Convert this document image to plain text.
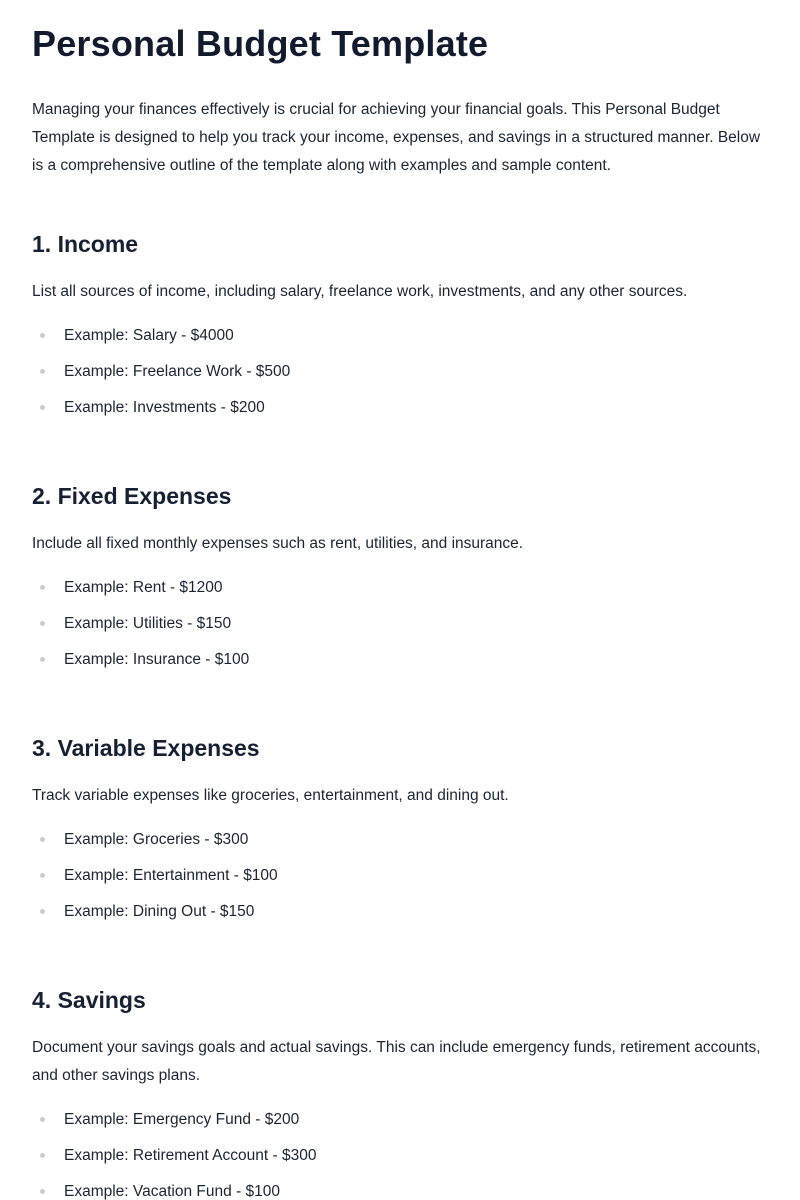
Personal Budget Template

Managing your finances effectively is crucial for achieving your financial goals. This Personal Budget Template is designed to help you track your income, expenses, and savings in a structured manner. Below is a comprehensive outline of the template along with examples and sample content.

1. Income

List all sources of income, including salary, freelance work, investments, and any other sources.

Example: Salary - $4000
Example: Freelance Work - $500
Example: Investments - $200
2. Fixed Expenses

Include all fixed monthly expenses such as rent, utilities, and insurance.

Example: Rent - $1200
Example: Utilities - $150
Example: Insurance - $100
3. Variable Expenses

Track variable expenses like groceries, entertainment, and dining out.

Example: Groceries - $300
Example: Entertainment - $100
Example: Dining Out - $150
4. Savings

Document your savings goals and actual savings. This can include emergency funds, retirement accounts, and other savings plans.

Example: Emergency Fund - $200
Example: Retirement Account - $300
Example: Vacation Fund - $100
